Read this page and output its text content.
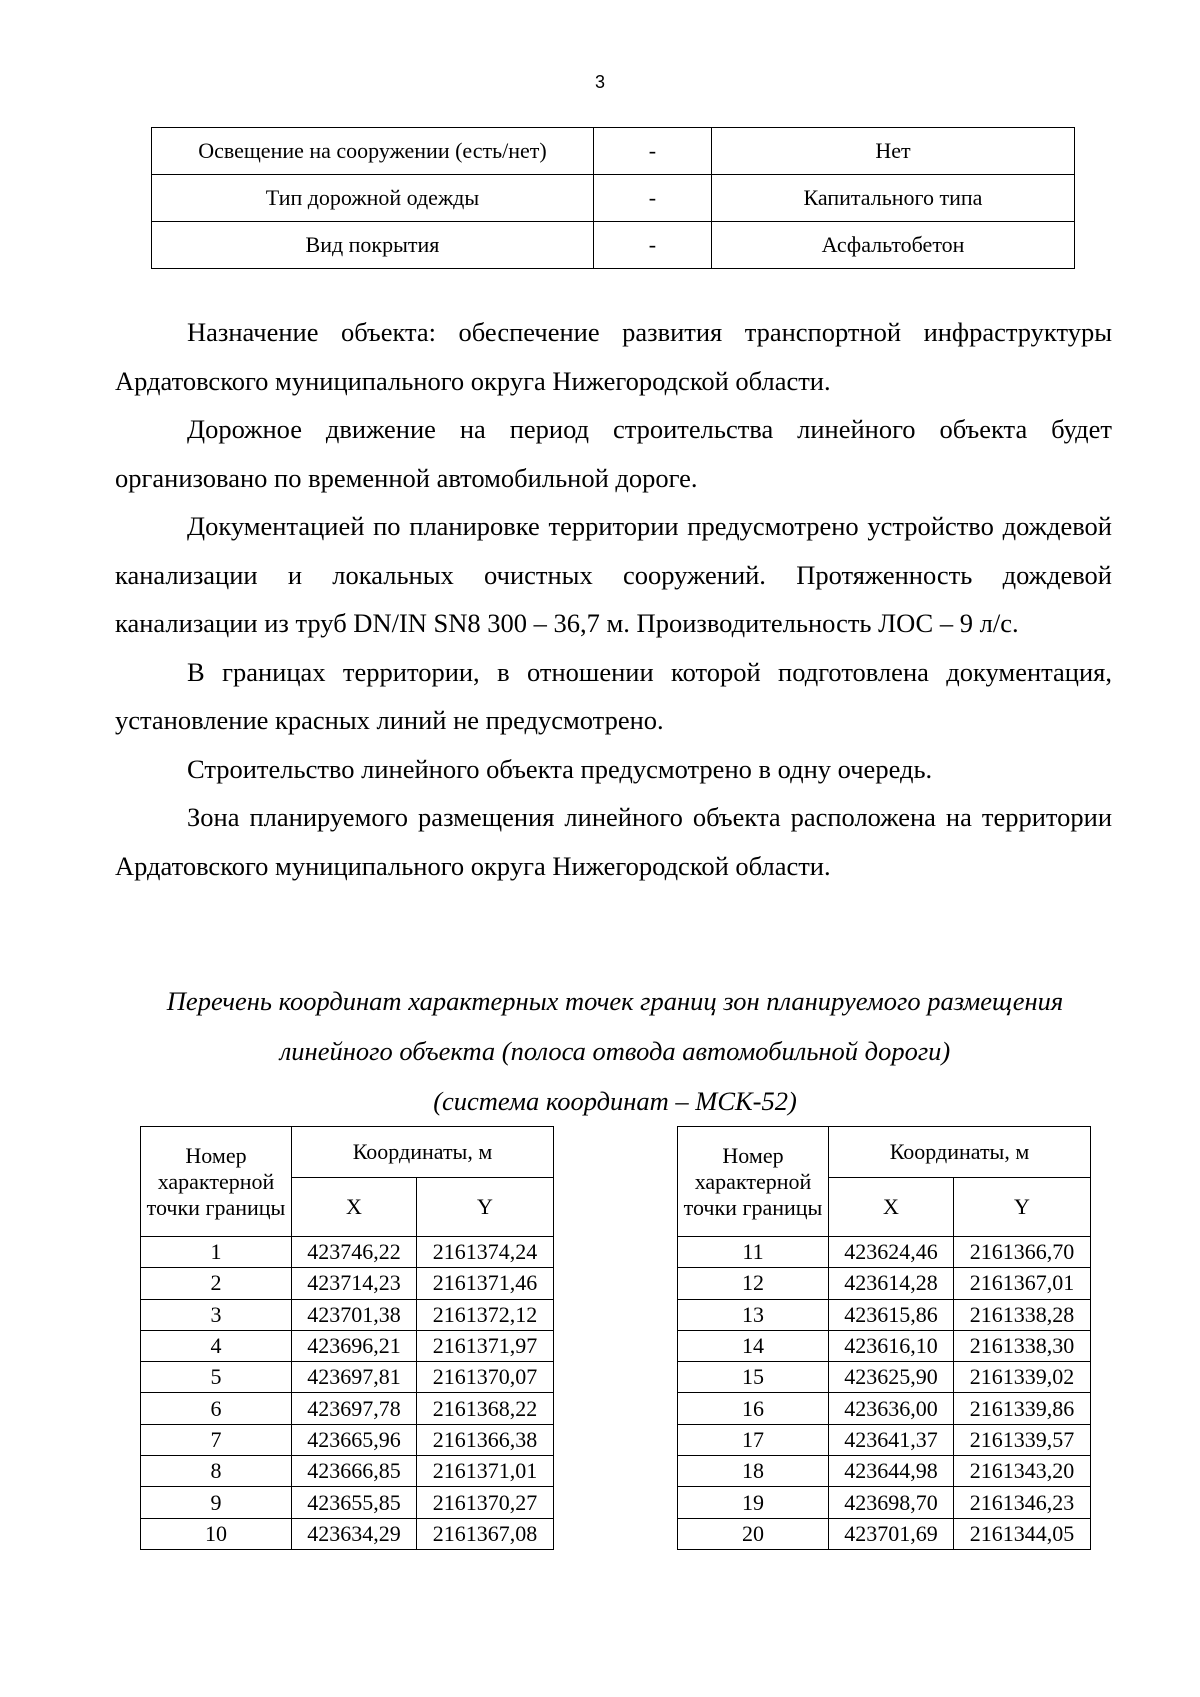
3
Освещение на сооружении (есть/нет)	-	Нет
Тип дорожной одежды	-	Капитального типа
Вид покрытия	-	Асфальтобетон

Назначение объекта: обеспечение развития транспортной инфраструктуры Ардатовского муниципального округа Нижегородской области.

Дорожное движение на период строительства линейного объекта будет организовано по временной автомобильной дороге.

Документацией по планировке территории предусмотрено устройство дождевой канализации и локальных очистных сооружений. Протяженность дождевой канализации из труб DN/IN SN8 300 – 36,7 м. Производительность ЛОС – 9 л/с.

В границах территории, в отношении которой подготовлена документация, установление красных линий не предусмотрено.

Строительство линейного объекта предусмотрено в одну очередь.

Зона планируемого размещения линейного объекта расположена на территории Ардатовского муниципального округа Нижегородской области.

Перечень координат характерных точек границ зон планируемого размещения
линейного объекта (полоса отвода автомобильной дороги)
(система координат – МСК-52)
Номер характерной точки границы	Координаты, м	
	X	Y
1	423746,22	2161374,24
2	423714,23	2161371,46
3	423701,38	2161372,12
4	423696,21	2161371,97
5	423697,81	2161370,07
6	423697,78	2161368,22
7	423665,96	2161366,38
8	423666,85	2161371,01
9	423655,85	2161370,27
10	423634,29	2161367,08
Номер характерной точки границы	Координаты, м	
	X	Y
11	423624,46	2161366,70
12	423614,28	2161367,01
13	423615,86	2161338,28
14	423616,10	2161338,30
15	423625,90	2161339,02
16	423636,00	2161339,86
17	423641,37	2161339,57
18	423644,98	2161343,20
19	423698,70	2161346,23
20	423701,69	2161344,05
